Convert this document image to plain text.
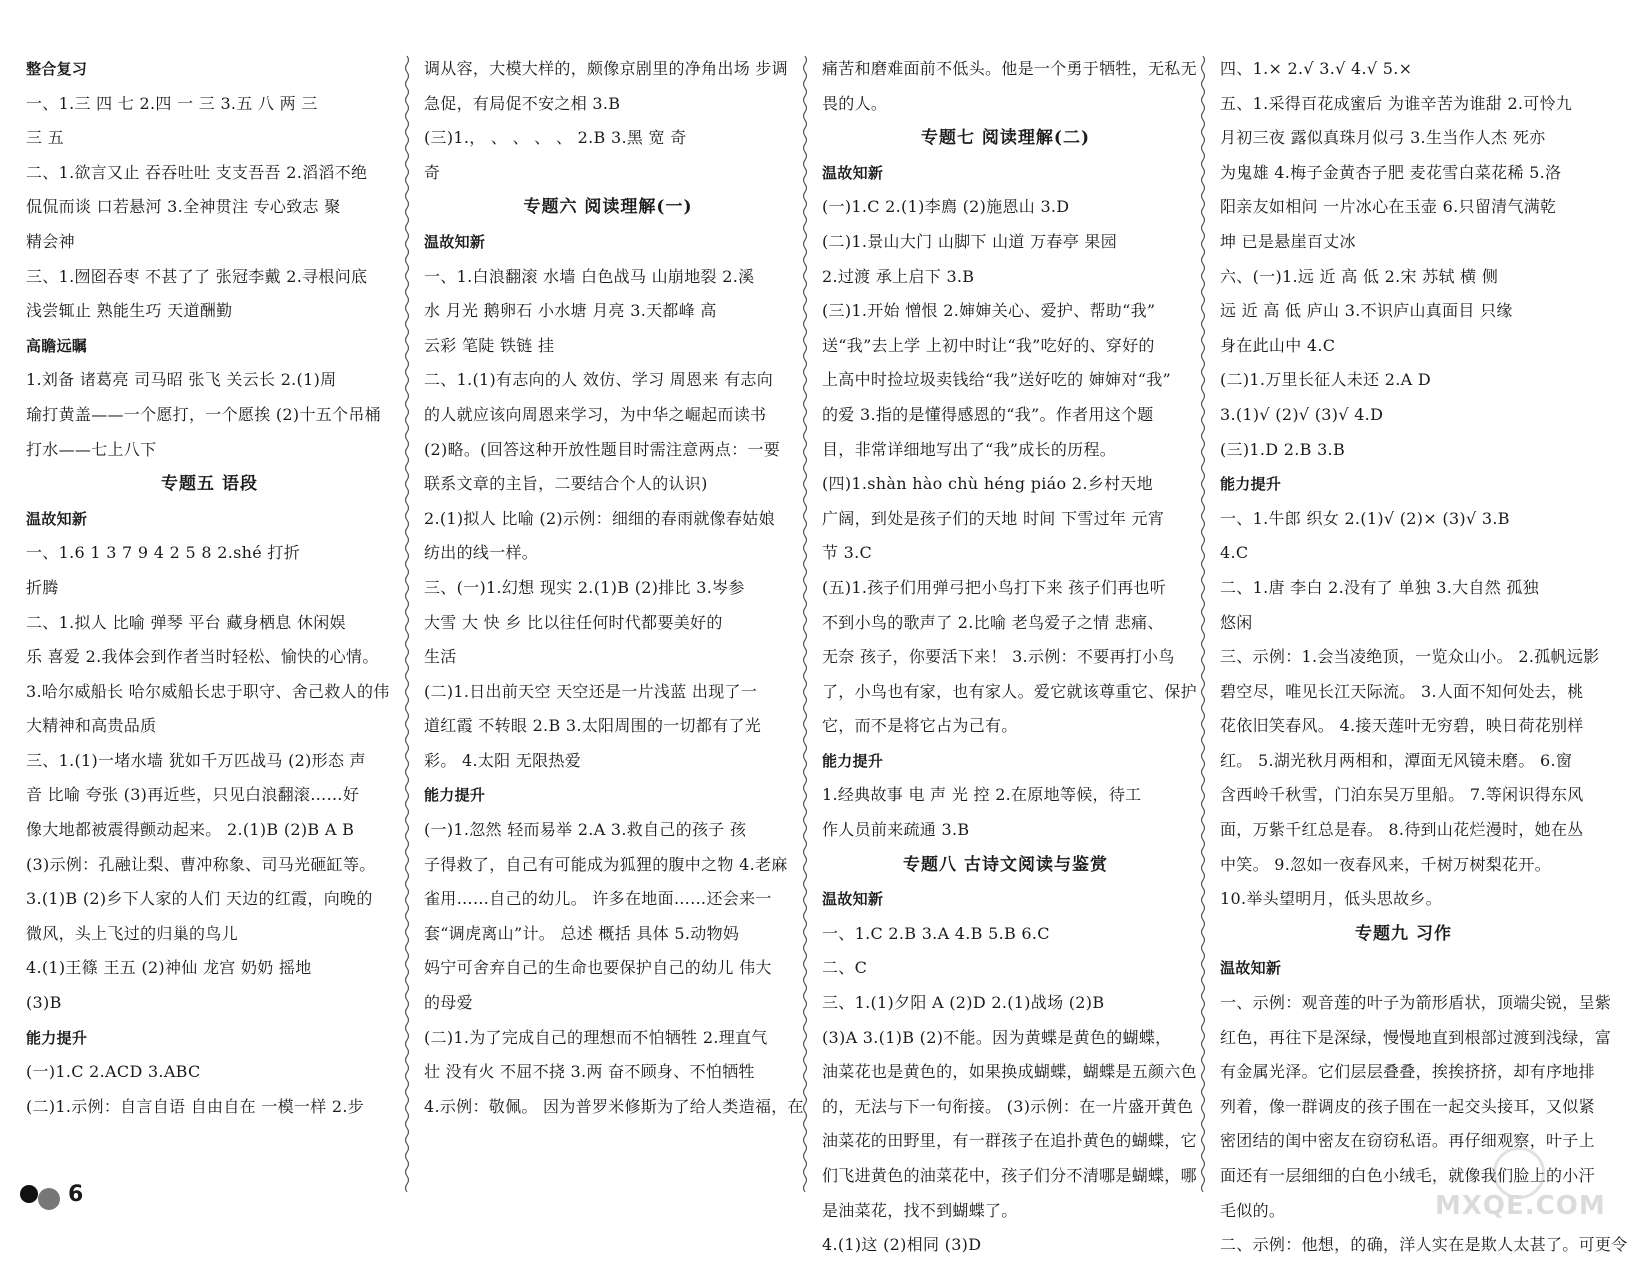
整合复习
一、1.三 四 七 2.四 一 三 3.五 八 两 三
三 五
二、1.欲言又止 吞吞吐吐 支支吾吾 2.滔滔不绝
侃侃而谈 口若悬河 3.全神贯注 专心致志 聚
精会神
三、1.囫囵吞枣 不甚了了 张冠李戴 2.寻根问底
浅尝辄止 熟能生巧 天道酬勤
高瞻远瞩
1.刘备 诸葛亮 司马昭 张飞 关云长 2.(1)周
瑜打黄盖——一个愿打，一个愿挨 (2)十五个吊桶
打水——七上八下
专题五 语段
温故知新
一、1.6 1 3 7 9 4 2 5 8 2.shé 打折
折腾
二、1.拟人 比喻 弹琴 平台 藏身栖息 休闲娱
乐 喜爱 2.我体会到作者当时轻松、愉快的心情。
3.哈尔威船长 哈尔威船长忠于职守、舍己救人的伟
大精神和高贵品质
三、1.(1)一堵水墙 犹如千万匹战马 (2)形态 声
音 比喻 夸张 (3)再近些，只见白浪翻滚……好
像大地都被震得颤动起来。 2.(1)B (2)B A B
(3)示例：孔融让梨、曹冲称象、司马光砸缸等。
3.(1)B (2)乡下人家的人们 天边的红霞，向晚的
微风，头上飞过的归巢的鸟儿
4.(1)王篠 王五 (2)神仙 龙宫 奶奶 摇地
(3)B
能力提升
(一)1.C 2.ACD 3.ABC
(二)1.示例：自言自语 自由自在 一模一样 2.步
调从容，大模大样的，颇像京剧里的净角出场 步调
急促，有局促不安之相 3.B
(三)1.， 、 、 、 、 2.B 3.黑 宽 奇
奇
专题六 阅读理解(一)
温故知新
一、1.白浪翻滚 水墙 白色战马 山崩地裂 2.溪
水 月光 鹅卵石 小水塘 月亮 3.天都峰 高
云彩 笔陡 铁链 挂
二、1.(1)有志向的人 效仿、学习 周恩来 有志向
的人就应该向周恩来学习，为中华之崛起而读书
(2)略。(回答这种开放性题目时需注意两点：一要
联系文章的主旨，二要结合个人的认识)
2.(1)拟人 比喻 (2)示例：细细的春雨就像春姑娘
纺出的线一样。
三、(一)1.幻想 现实 2.(1)B (2)排比 3.岑参
大雪 大 快 乡 比以往任何时代都要美好的
生活
(二)1.日出前天空 天空还是一片浅蓝 出现了一
道红霞 不转眼 2.B 3.太阳周围的一切都有了光
彩。 4.太阳 无限热爱
能力提升
(一)1.忽然 轻而易举 2.A 3.救自己的孩子 孩
子得救了，自己有可能成为狐狸的腹中之物 4.老麻
雀用……自己的幼儿。 许多在地面……还会来一
套“调虎离山”计。 总述 概括 具体 5.动物妈
妈宁可舍弃自己的生命也要保护自己的幼儿 伟大
的母爱
(二)1.为了完成自己的理想而不怕牺牲 2.理直气
壮 没有火 不屈不挠 3.两 奋不顾身、不怕牺牲
4.示例：敬佩。 因为普罗米修斯为了给人类造福，在
痛苦和磨难面前不低头。他是一个勇于牺牲，无私无
畏的人。
专题七 阅读理解(二)
温故知新
(一)1.C 2.(1)李廌 (2)施恩山 3.D
(二)1.景山大门 山脚下 山道 万春亭 果园
2.过渡 承上启下 3.B
(三)1.开始 憎恨 2.婶婶关心、爱护、帮助“我”
送“我”去上学 上初中时让“我”吃好的、穿好的
上高中时捡垃圾卖钱给“我”送好吃的 婶婶对“我”
的爱 3.指的是懂得感恩的“我”。作者用这个题
目，非常详细地写出了“我”成长的历程。
(四)1.shàn hào chù héng piáo 2.乡村天地
广阔，到处是孩子们的天地 时间 下雪过年 元宵
节 3.C
(五)1.孩子们用弹弓把小鸟打下来 孩子们再也听
不到小鸟的歌声了 2.比喻 老鸟爱子之情 悲痛、
无奈 孩子，你要活下来！ 3.示例：不要再打小鸟
了，小鸟也有家，也有家人。爱它就该尊重它、保护
它，而不是将它占为己有。
能力提升
1.经典故事 电 声 光 控 2.在原地等候，待工
作人员前来疏通 3.B
专题八 古诗文阅读与鉴赏
温故知新
一、1.C 2.B 3.A 4.B 5.B 6.C
二、C
三、1.(1)夕阳 A (2)D 2.(1)战场 (2)B
(3)A 3.(1)B (2)不能。因为黄蝶是黄色的蝴蝶，
油菜花也是黄色的，如果换成蝴蝶，蝴蝶是五颜六色
的，无法与下一句衔接。 (3)示例：在一片盛开黄色
油菜花的田野里，有一群孩子在追扑黄色的蝴蝶，它
们飞进黄色的油菜花中，孩子们分不清哪是蝴蝶，哪
是油菜花，找不到蝴蝶了。
4.(1)这 (2)相同 (3)D
四、1.× 2.√ 3.√ 4.√ 5.×
五、1.采得百花成蜜后 为谁辛苦为谁甜 2.可怜九
月初三夜 露似真珠月似弓 3.生当作人杰 死亦
为鬼雄 4.梅子金黄杏子肥 麦花雪白菜花稀 5.洛
阳亲友如相问 一片冰心在玉壶 6.只留清气满乾
坤 已是悬崖百丈冰
六、(一)1.远 近 高 低 2.宋 苏轼 横 侧
远 近 高 低 庐山 3.不识庐山真面目 只缘
身在此山中 4.C
(二)1.万里长征人未还 2.A D
3.(1)√ (2)√ (3)√ 4.D
(三)1.D 2.B 3.B
能力提升
一、1.牛郎 织女 2.(1)√ (2)× (3)√ 3.B
4.C
二、1.唐 李白 2.没有了 单独 3.大自然 孤独
悠闲
三、示例：1.会当凌绝顶，一览众山小。 2.孤帆远影
碧空尽，唯见长江天际流。 3.人面不知何处去，桃
花依旧笑春风。 4.接天莲叶无穷碧，映日荷花别样
红。 5.湖光秋月两相和，潭面无风镜未磨。 6.窗
含西岭千秋雪，门泊东吴万里船。 7.等闲识得东风
面，万紫千红总是春。 8.待到山花烂漫时，她在丛
中笑。 9.忽如一夜春风来，千树万树梨花开。
10.举头望明月，低头思故乡。
专题九 习作
温故知新
一、示例：观音莲的叶子为箭形盾状，顶端尖锐，呈紫
红色，再往下是深绿，慢慢地直到根部过渡到浅绿，富
有金属光泽。它们层层叠叠，挨挨挤挤，却有序地排
列着，像一群调皮的孩子围在一起交头接耳，又似紧
密团结的闺中密友在窃窃私语。再仔细观察，叶子上
面还有一层细细的白色小绒毛，就像我们脸上的小汗
毛似的。
二、示例：他想，的确，洋人实在是欺人太甚了。可更令
6	MXQE.COM
